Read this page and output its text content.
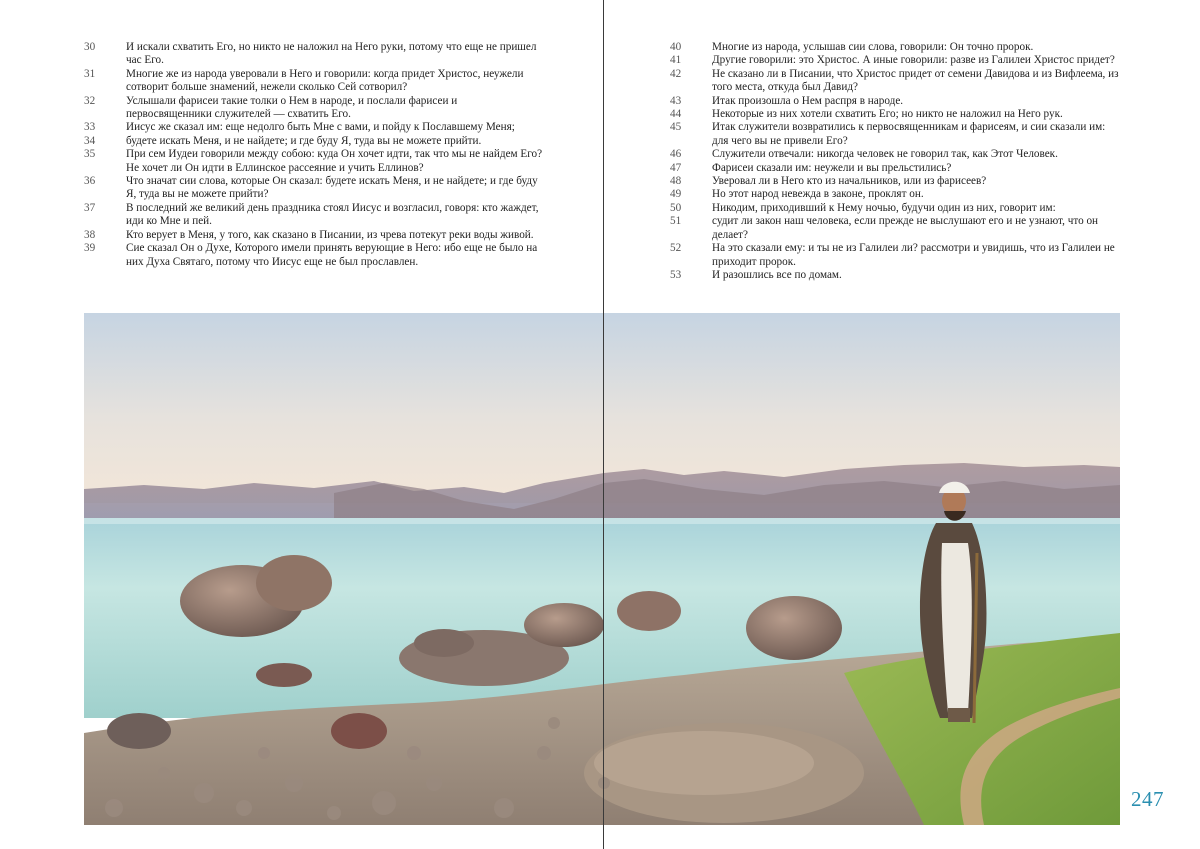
30	И искали схватить Его, но никто не наложил на Него руки, потому что еще не пришел час Его.
31	Многие же из народа уверовали в Него и говорили: когда придет Христос, неужели сотворит больше знамений, нежели сколько Сей сотворил?
32	Услышали фарисеи такие толки о Нем в народе, и послали фарисеи и первосвященники служителей — схватить Его.
33	Иисус же сказал им: еще недолго быть Мне с вами, и пойду к Пославшему Меня;
34	будете искать Меня, и не найдете; и где буду Я, туда вы не можете прийти.
35	При сем Иудеи говорили между собою: куда Он хочет идти, так что мы не найдем Его? Не хочет ли Он идти в Еллинское рассеяние и учить Еллинов?
36	Что значат сии слова, которые Он сказал: будете искать Меня, и не найдете; и где буду Я, туда вы не можете прийти?
37	В последний же великий день праздника стоял Иисус и возгласил, говоря: кто жаждет, иди ко Мне и пей.
38	Кто верует в Меня, у того, как сказано в Писании, из чрева потекут реки воды живой.
39	Сие сказал Он о Духе, Которого имели принять верующие в Него: ибо еще не было на них Духа Святаго, потому что Иисус еще не был прославлен.
40	Многие из народа, услышав сии слова, говорили: Он точно пророк.
41	Другие говорили: это Христос. А иные говорили: разве из Галилеи Христос придет?
42	Не сказано ли в Писании, что Христос придет от семени Давидова и из Вифлеема, из того места, откуда был Давид?
43	Итак произошла о Нем распря в народе.
44	Некоторые из них хотели схватить Его; но никто не наложил на Него рук.
45	Итак служители возвратились к первосвященникам и фарисеям, и сии сказали им: для чего вы не привели Его?
46	Служители отвечали: никогда человек не говорил так, как Этот Человек.
47	Фарисеи сказали им: неужели и вы прельстились?
48	Уверовал ли в Него кто из начальников, или из фарисеев?
49	Но этот народ невежда в законе, проклят он.
50	Никодим, приходивший к Нему ночью, будучи один из них, говорит им:
51	судит ли закон наш человека, если прежде не выслушают его и не узнают, что он делает?
52	На это сказали ему: и ты не из Галилеи ли? рассмотри и увидишь, что из Галилеи не приходит пророк.
53	И разошлись все по домам.
247
